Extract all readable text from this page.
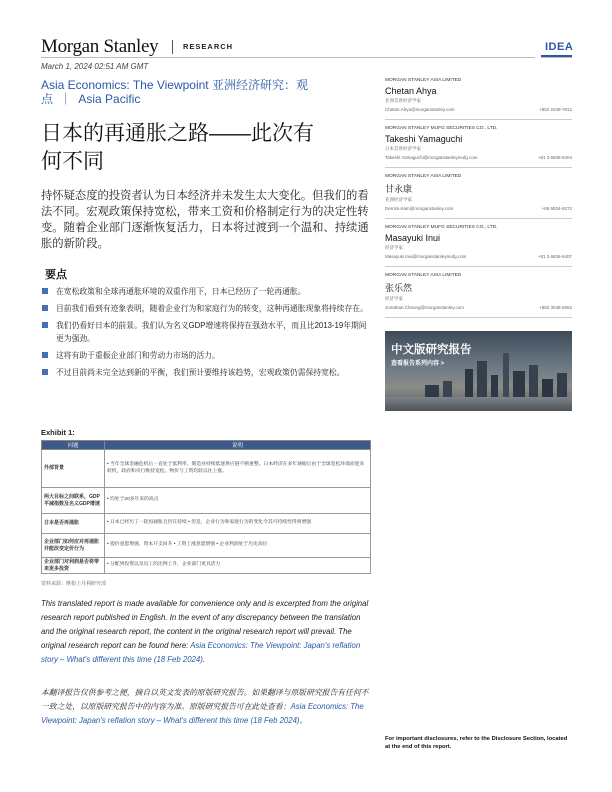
Morgan Stanley	RESEARCH	IDEA
March 1, 2024 02:51 AM GMT
Asia Economics: The Viewpoint 亚洲经济研究：观
点  ｜  Asia Pacific
日本的再通胀之路——此次有
何不同
持怀疑态度的投资者认为日本经济并未发生太大变化。但我们的看法不同。宏观政策保持宽松，带来工资和价格制定行为的决定性转变。随着企业部门逐渐恢复活力，日本将过渡到一个温和、持续通胀的新阶段。
要点
在宽松政策和全球再通胀环境的双重作用下，日本已经历了一轮再通胀。
目前我们看到有迹象表明，随着企业行为和家庭行为的转变，这种再通胀现象将持续存在。
我们仍看好日本的前景。我们认为名义GDP增速将保持在强劲水平，而且比2013-19年期间更为强劲。
这将有助于重振企业部门和劳动力市场的活力。
不过目前尚未完全达到新的平衡，我们预计要维持该趋势，宏观政策仍需保持宽松。
Exhibit 1:
问题	说明
外部背景	• 当年全球金融危机后一直处于低利率，制造业持续低迷供应链不断重整。日本经济在多年通缩后由于全球宽松环境而迎来转机，政府和央行维持宽松。物价与工资均较以往上涨。
两大目标之间联系，GDP平减指数及名义GDP增速	• 均处于20多年来的高点
日本是否再通胀	• 日本已经历了一轮再通胀且仍在持续 • 但是，企业行为和家庭行为的变化令其可持续性得到增强
企业部门如何应对再通胀并能改变定价行为	• 提价意愿增强，资本开支回升 • 工资上涨意愿增强 • 企业利润处于历史高位
企业部门对利润是否将带来更多投资	• 分配到投资以及员工的比例上升，企业部门更具活力
资料来源：摩根士丹利研究部
This translated report is made available for convenience only and is excerpted from the original research report published in English. In the event of any discrepancy between the translation and the original research report, the content in the original research report will prevail. The original research report can be found here: Asia Economics: The Viewpoint: Japan's reflation story – What's different this time (18 Feb 2024).
本翻译报告仅供参考之便，摘自以英文发表的原版研究报告。如果翻译与原版研究报告有任何不一致之处，以原版研究报告中的内容为准。原版研究报告可在此处查看：Asia Economics: The Viewpoint: Japan's reflation story – What's different this time (18 Feb 2024)。
MORGAN STANLEY ASIA LIMITED
Chetan Ahya
亚洲首席经济学家
Chetan.Ahya@morganstanley.com	+852 2239-7812
MORGAN STANLEY MUFG SECURITIES CO., LTD.
Takeshi Yamaguchi
日本首席经济学家
Takeshi.Yamaguchi@morganstanleymufg.com	+81 3 6836-5404
MORGAN STANLEY ASIA LIMITED
甘永康
亚洲经济学家
Derrick.Kam@morganstanley.com	+65 6834-8272
MORGAN STANLEY MUFG SECURITIES CO., LTD.
Masayuki Inui
经济学家
Masayuki.Inui@morganstanleymufg.com	+81 3 6836-5407
MORGAN STANLEY ASIA LIMITED
张乐然
经济学家
Jonathan.Cheung@morganstanley.com	+852 3048-5652
中文版研究报告
查看报告系列内容 >
For important disclosures, refer to the Disclosure Section, located at the end of this report.
